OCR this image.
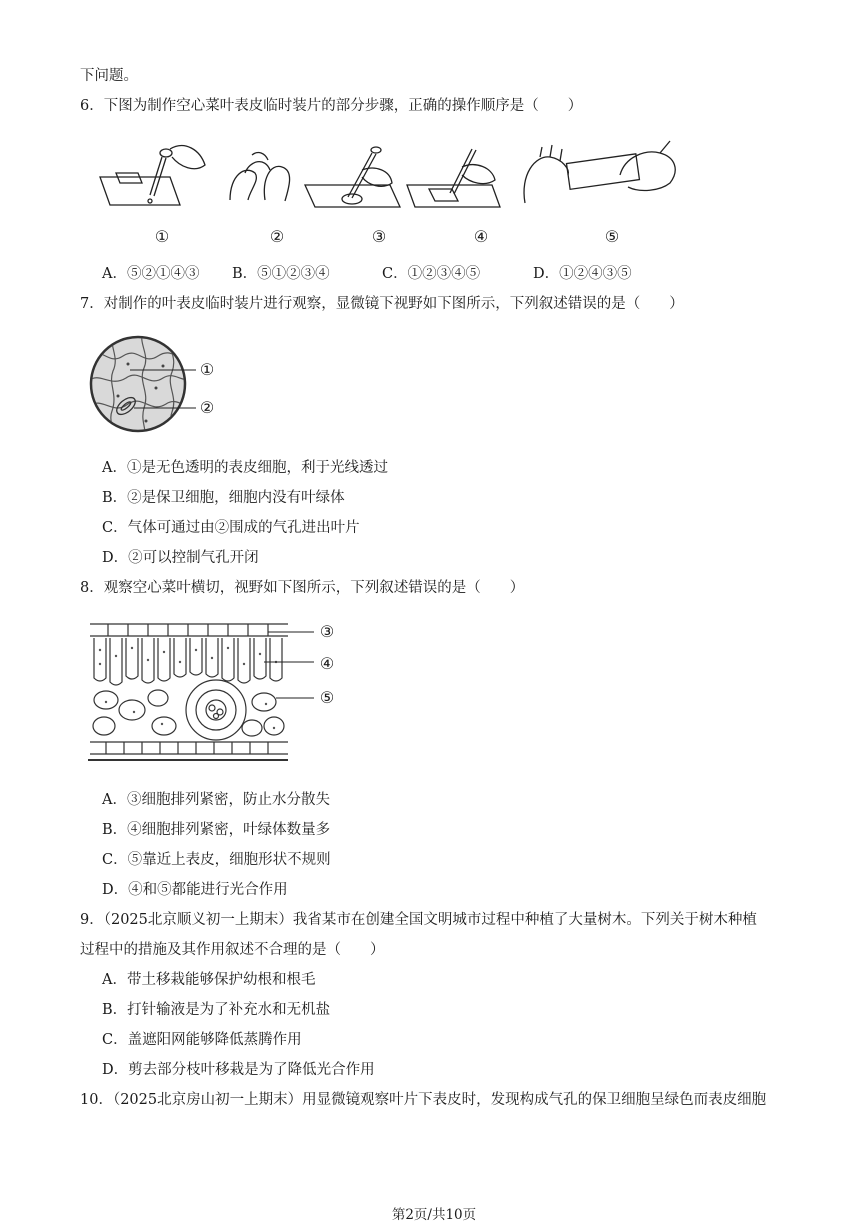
下问题。
6．下图为制作空心菜叶表皮临时装片的部分步骤，正确的操作顺序是（　　）
①	②	③	④	⑤
A．⑤②①④③ B．⑤①②③④	C．①②③④⑤	D．①②④③⑤
7．对制作的叶表皮临时装片进行观察，显微镜下视野如下图所示，下列叙述错误的是（　　）
①
②
A．①是无色透明的表皮细胞，利于光线透过
B．②是保卫细胞，细胞内没有叶绿体
C．气体可通过由②围成的气孔进出叶片
D．②可以控制气孔开闭
8．观察空心菜叶横切，视野如下图所示，下列叙述错误的是（　　）
③
④
⑤
A．③细胞排列紧密，防止水分散失
B．④细胞排列紧密，叶绿体数量多
C．⑤靠近上表皮，细胞形状不规则
D．④和⑤都能进行光合作用
9．（2025北京顺义初一上期末）我省某市在创建全国文明城市过程中种植了大量树木。下列关于树木种植
过程中的措施及其作用叙述不合理的是（　　）
A．带土移栽能够保护幼根和根毛
B．打针输液是为了补充水和无机盐
C．盖遮阳网能够降低蒸腾作用
D．剪去部分枝叶移栽是为了降低光合作用
10．（2025北京房山初一上期末）用显微镜观察叶片下表皮时，发现构成气孔的保卫细胞呈绿色而表皮细胞
第2页/共10页
